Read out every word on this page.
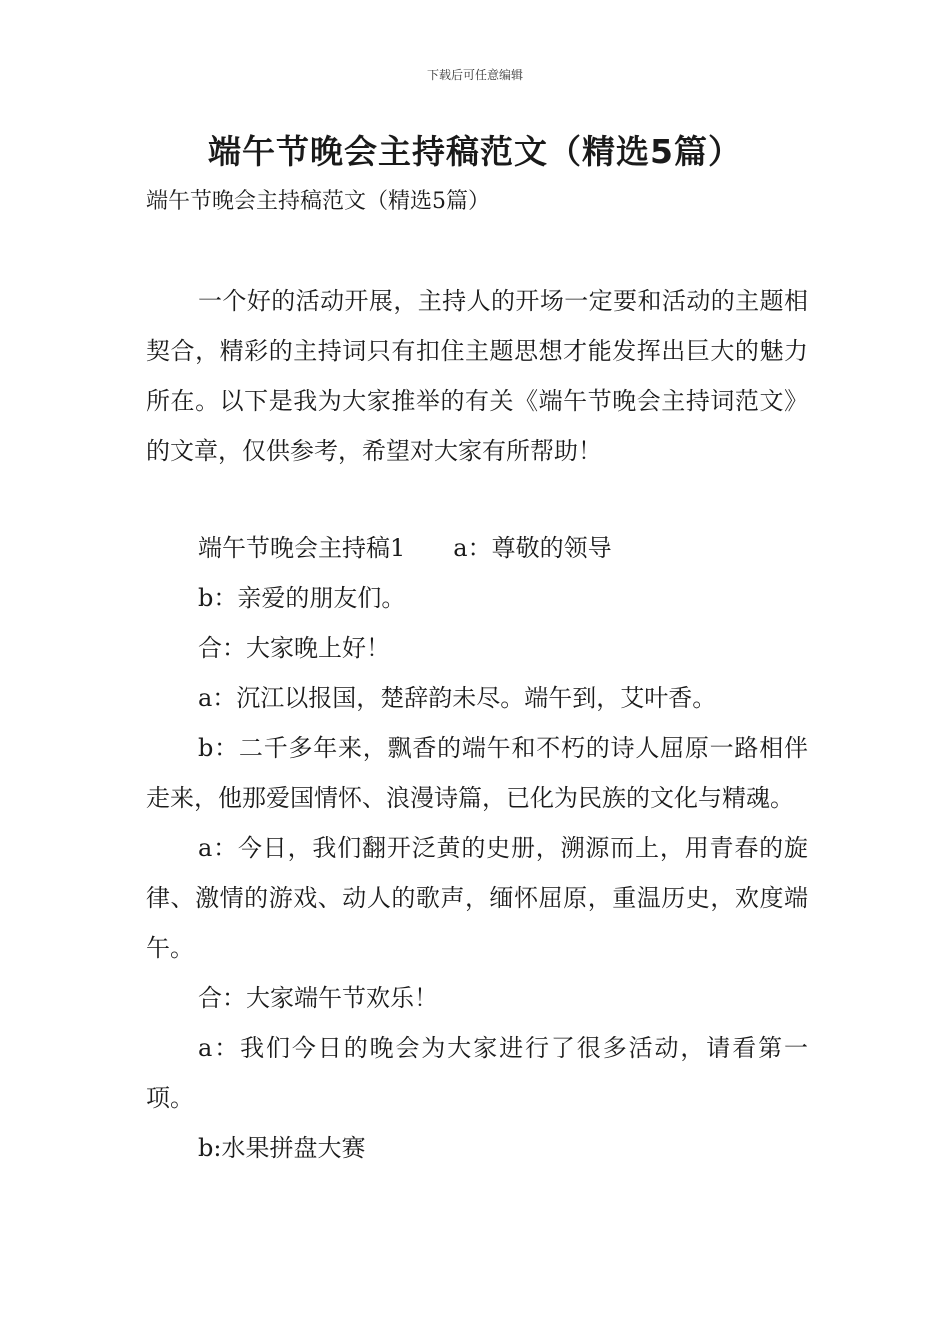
下载后可任意编辑
端午节晚会主持稿范文（精选5篇）

端午节晚会主持稿范文（精选5篇）

一个好的活动开展，主持人的开场一定要和活动的主题相契合，精彩的主持词只有扣住主题思想才能发挥出巨大的魅力所在。以下是我为大家推举的有关《端午节晚会主持词范文》的文章，仅供参考，希望对大家有所帮助！

端午节晚会主持稿1 a：尊敬的领导

b：亲爱的朋友们。

合：大家晚上好！

a：沉江以报国，楚辞韵未尽。端午到，艾叶香。

b：二千多年来，飘香的端午和不朽的诗人屈原一路相伴走来，他那爱国情怀、浪漫诗篇，已化为民族的文化与精魂。

a：今日，我们翻开泛黄的史册，溯源而上，用青春的旋律、激情的游戏、动人的歌声，缅怀屈原，重温历史，欢度端午。

合：大家端午节欢乐！

a：我们今日的晚会为大家进行了很多活动，请看第一项。

b:水果拼盘大赛
